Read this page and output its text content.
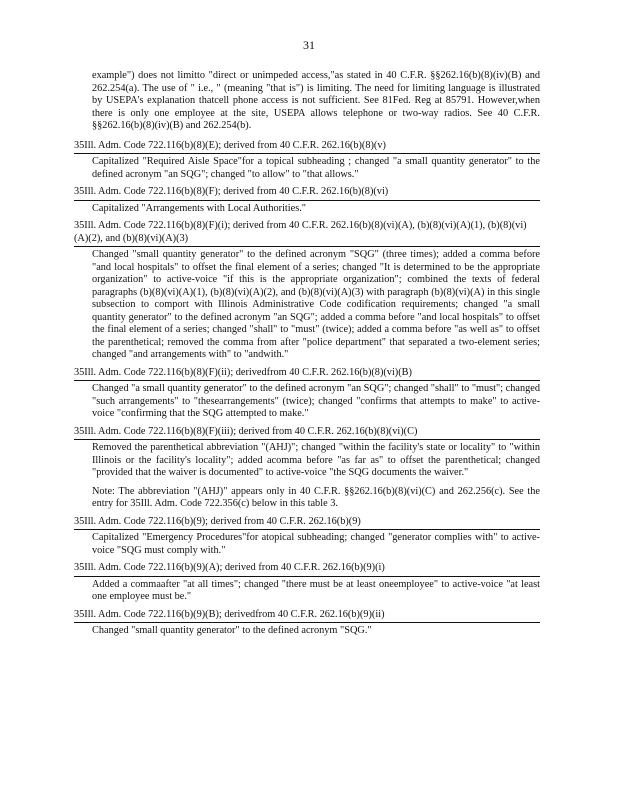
31

example") does not limitto "direct or unimpeded access,"as stated in 40 C.F.R. §§262.16(b)(8)(iv)(B) and 262.254(a). The use of " i.e., " (meaning "that is") is limiting. The need for limiting language is illustrated by USEPA's explanation thatcell phone access is not sufficient. See 81Fed. Reg at 85791. However,when there is only one employee at the site, USEPA allows telephone or two-way radios. See 40 C.F.R. §§262.16(b)(8)(iv)(B) and 262.254(b).

35Ill. Adm. Code 722.116(b)(8)(E); derived from 40 C.F.R. 262.16(b)(8)(v)
Capitalized "Required Aisle Space"for a topical subheading ; changed "a small quantity generator" to the defined acronym "an SQG"; changed "to allow" to "that allows."
35Ill. Adm. Code 722.116(b)(8)(F); derived from 40 C.F.R. 262.16(b)(8)(vi)
Capitalized "Arrangements with Local Authorities."
35Ill. Adm. Code 722.116(b)(8)(F)(i); derived from 40 C.F.R. 262.16(b)(8)(vi)(A), (b)(8)(vi)(A)(1), (b)(8)(vi)(A)(2), and (b)(8)(vi)(A)(3)
Changed "small quantity generator" to the defined acronym "SQG" (three times); added a comma before "and local hospitals" to offset the final element of a series; changed "It is determined to be the appropriate organization" to active-voice "if this is the appropriate organization"; combined the texts of federal paragraphs (b)(8)(vi)(A)(1), (b)(8)(vi)(A)(2), and (b)(8)(vi)(A)(3) with paragraph (b)(8)(vi)(A) in this single subsection to comport with Illinois Administrative Code codification requirements; changed "a small quantity generator" to the defined acronym "an SQG"; added a comma before "and local hospitals" to offset the final element of a series; changed "shall" to "must" (twice); added a comma before "as well as" to offset the parenthetical; removed the comma from after "police department" that separated a two-element series; changed "and arrangements with" to "andwith."
35Ill. Adm. Code 722.116(b)(8)(F)(ii); derivedfrom 40 C.F.R. 262.16(b)(8)(vi)(B)
Changed "a small quantity generator" to the defined acronym "an SQG"; changed "shall" to "must"; changed "such arrangements" to "thesearrangements" (twice); changed "confirms that attempts to make" to active-voice "confirming that the SQG attempted to make."
35Ill. Adm. Code 722.116(b)(8)(F)(iii); derived from 40 C.F.R. 262.16(b)(8)(vi)(C)
Removed the parenthetical abbreviation "(AHJ)"; changed "within the facility's state or locality" to "within Illinois or the facility's locality"; added acomma before "as far as" to offset the parenthetical; changed "provided that the waiver is documented" to active-voice "the SQG documents the waiver."
Note: The abbreviation "(AHJ)" appears only in 40 C.F.R. §§262.16(b)(8)(vi)(C) and 262.256(c). See the entry for 35Ill. Adm. Code 722.356(c) below in this table 3.
35Ill. Adm. Code 722.116(b)(9); derived from 40 C.F.R. 262.16(b)(9)
Capitalized "Emergency Procedures"for atopical subheading; changed "generator complies with" to active-voice "SQG must comply with."
35Ill. Adm. Code 722.116(b)(9)(A); derived from 40 C.F.R. 262.16(b)(9)(i)
Added a commaafter "at all times"; changed "there must be at least oneemployee" to active-voice "at least one employee must be."
35Ill. Adm. Code 722.116(b)(9)(B); derivedfrom 40 C.F.R. 262.16(b)(9)(ii)
Changed "small quantity generator" to the defined acronym "SQG."
